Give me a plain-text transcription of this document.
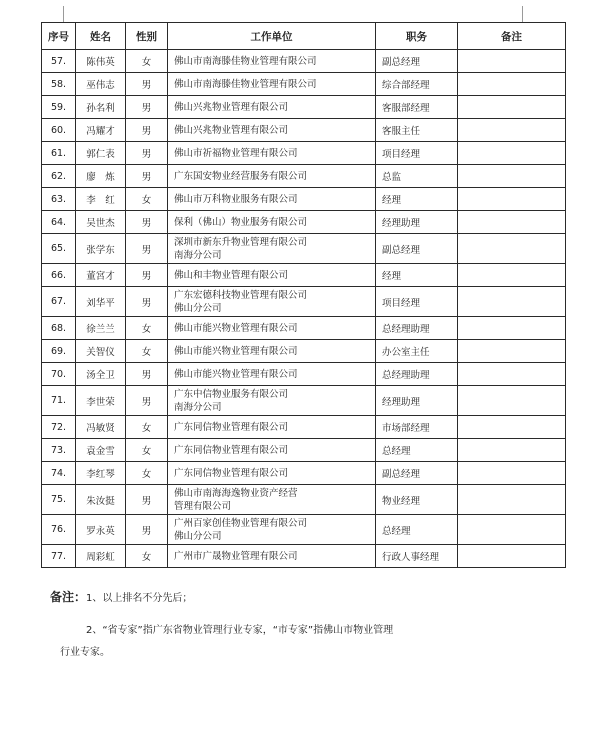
序号	姓名	性别	工作单位	职务	备注
57.	陈伟英	女	佛山市南海滕佳物业管理有限公司	副总经理	
58.	巫伟志	男	佛山市南海滕佳物业管理有限公司	综合部经理	
59.	孙名利	男	佛山兴兆物业管理有限公司	客服部经理	
60.	冯耀才	男	佛山兴兆物业管理有限公司	客服主任	
61.	郭仁表	男	佛山市祈福物业管理有限公司	项目经理	
62.	廖　炼	男	广东国安物业经营服务有限公司	总监	
63.	李　红	女	佛山市万科物业服务有限公司	经理	
64.	吴世杰	男	保利（佛山）物业服务有限公司	经理助理	
65.	张学东	男	深圳市新东升物业管理有限公司
南海分公司	副总经理	
66.	董宮才	男	佛山和丰物业管理有限公司	经理	
67.	刘华平	男	广东宏德科技物业管理有限公司
佛山分公司	项目经理	
68.	徐兰兰	女	佛山市能兴物业管理有限公司	总经理助理	
69.	关智仪	女	佛山市能兴物业管理有限公司	办公室主任	
70.	汤全卫	男	佛山市能兴物业管理有限公司	总经理助理	
71.	李世荣	男	广东中信物业服务有限公司
南海分公司	经理助理	
72.	冯敏贤	女	广东同信物业管理有限公司	市场部经理	
73.	袁金雪	女	广东同信物业管理有限公司	总经理	
74.	李红琴	女	广东同信物业管理有限公司	副总经理	
75.	朱汝挺	男	佛山市南海海逸物业资产经营
管理有限公司	物业经理	
76.	罗永英	男	广州百家创佳物业管理有限公司
佛山分公司	总经理	
77.	周彩虹	女	广州市广晟物业管理有限公司	行政人事经理	

备注：1、以上排名不分先后；

2、“省专家”指广东省物业管理行业专家，“市专家”指佛山市物业管理

行业专家。
